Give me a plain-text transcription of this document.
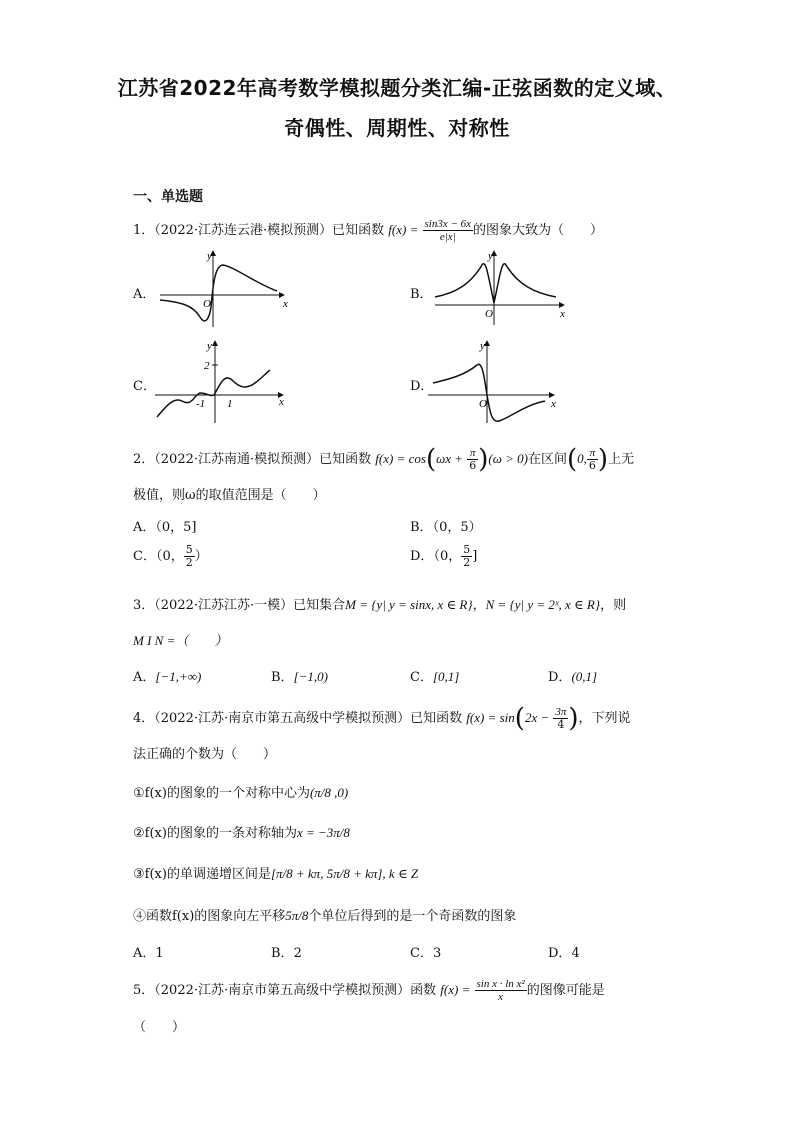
江苏省2022年高考数学模拟题分类汇编-正弦函数的定义域、
奇偶性、周期性、对称性
一、单选题
1．（2022·江苏连云港·模拟预测）已知函数 $f(x) = \frac{\sin 3x - 6x}{e|x|}$ 的图象大致为（　　）
A．	B．
C．	D．
y
x
O
y
x
O
y
x
2
-1 1
y
x
O
2．（2022·江苏南通·模拟预测）已知函数 $f(x) = \cos(\omega x + \frac{\pi}{6} )(\omega > 0)$在区间(0, $\frac{\pi}{6}$ )上无
极值，则ω的取值范围是（　　）
A．（0，5]	B．（0，5）
C．（0， $\frac{5}{2}$ ）	D．（0， $\frac{5}{2}$ ]
3．（2022·江苏江苏·一模）已知集合M = {y| y = sinx, x ∈ R}，N = {y| y = 2ˣ, x ∈ R}，则
M I N =（　　）
A．[−1,+∞)	B．[−1,0)	C．[0,1]	D．(0,1]
4．（2022·江苏·南京市第五高级中学模拟预测）已知函数 $f(x) = \sin(2x - \frac{3\pi}{4}$ )，下列说
法正确的个数为（　　）
①f(x)的图象的一个对称中心为(π/8 ,0)
②f(x)的图象的一条对称轴为x = −3π/8
③f(x)的单调递增区间是[π/8 + kπ, 5π/8 + kπ], k ∈ Z
④函数f(x)的图象向左平移5π/8个单位后得到的是一个奇函数的图象
A．1	B．2	C．3	D．4
5．（2022·江苏·南京市第五高级中学模拟预测）函数 $f(x) = \frac{\text{sin x · ln x²}}{x}$ 的图像可能是
（　　）
